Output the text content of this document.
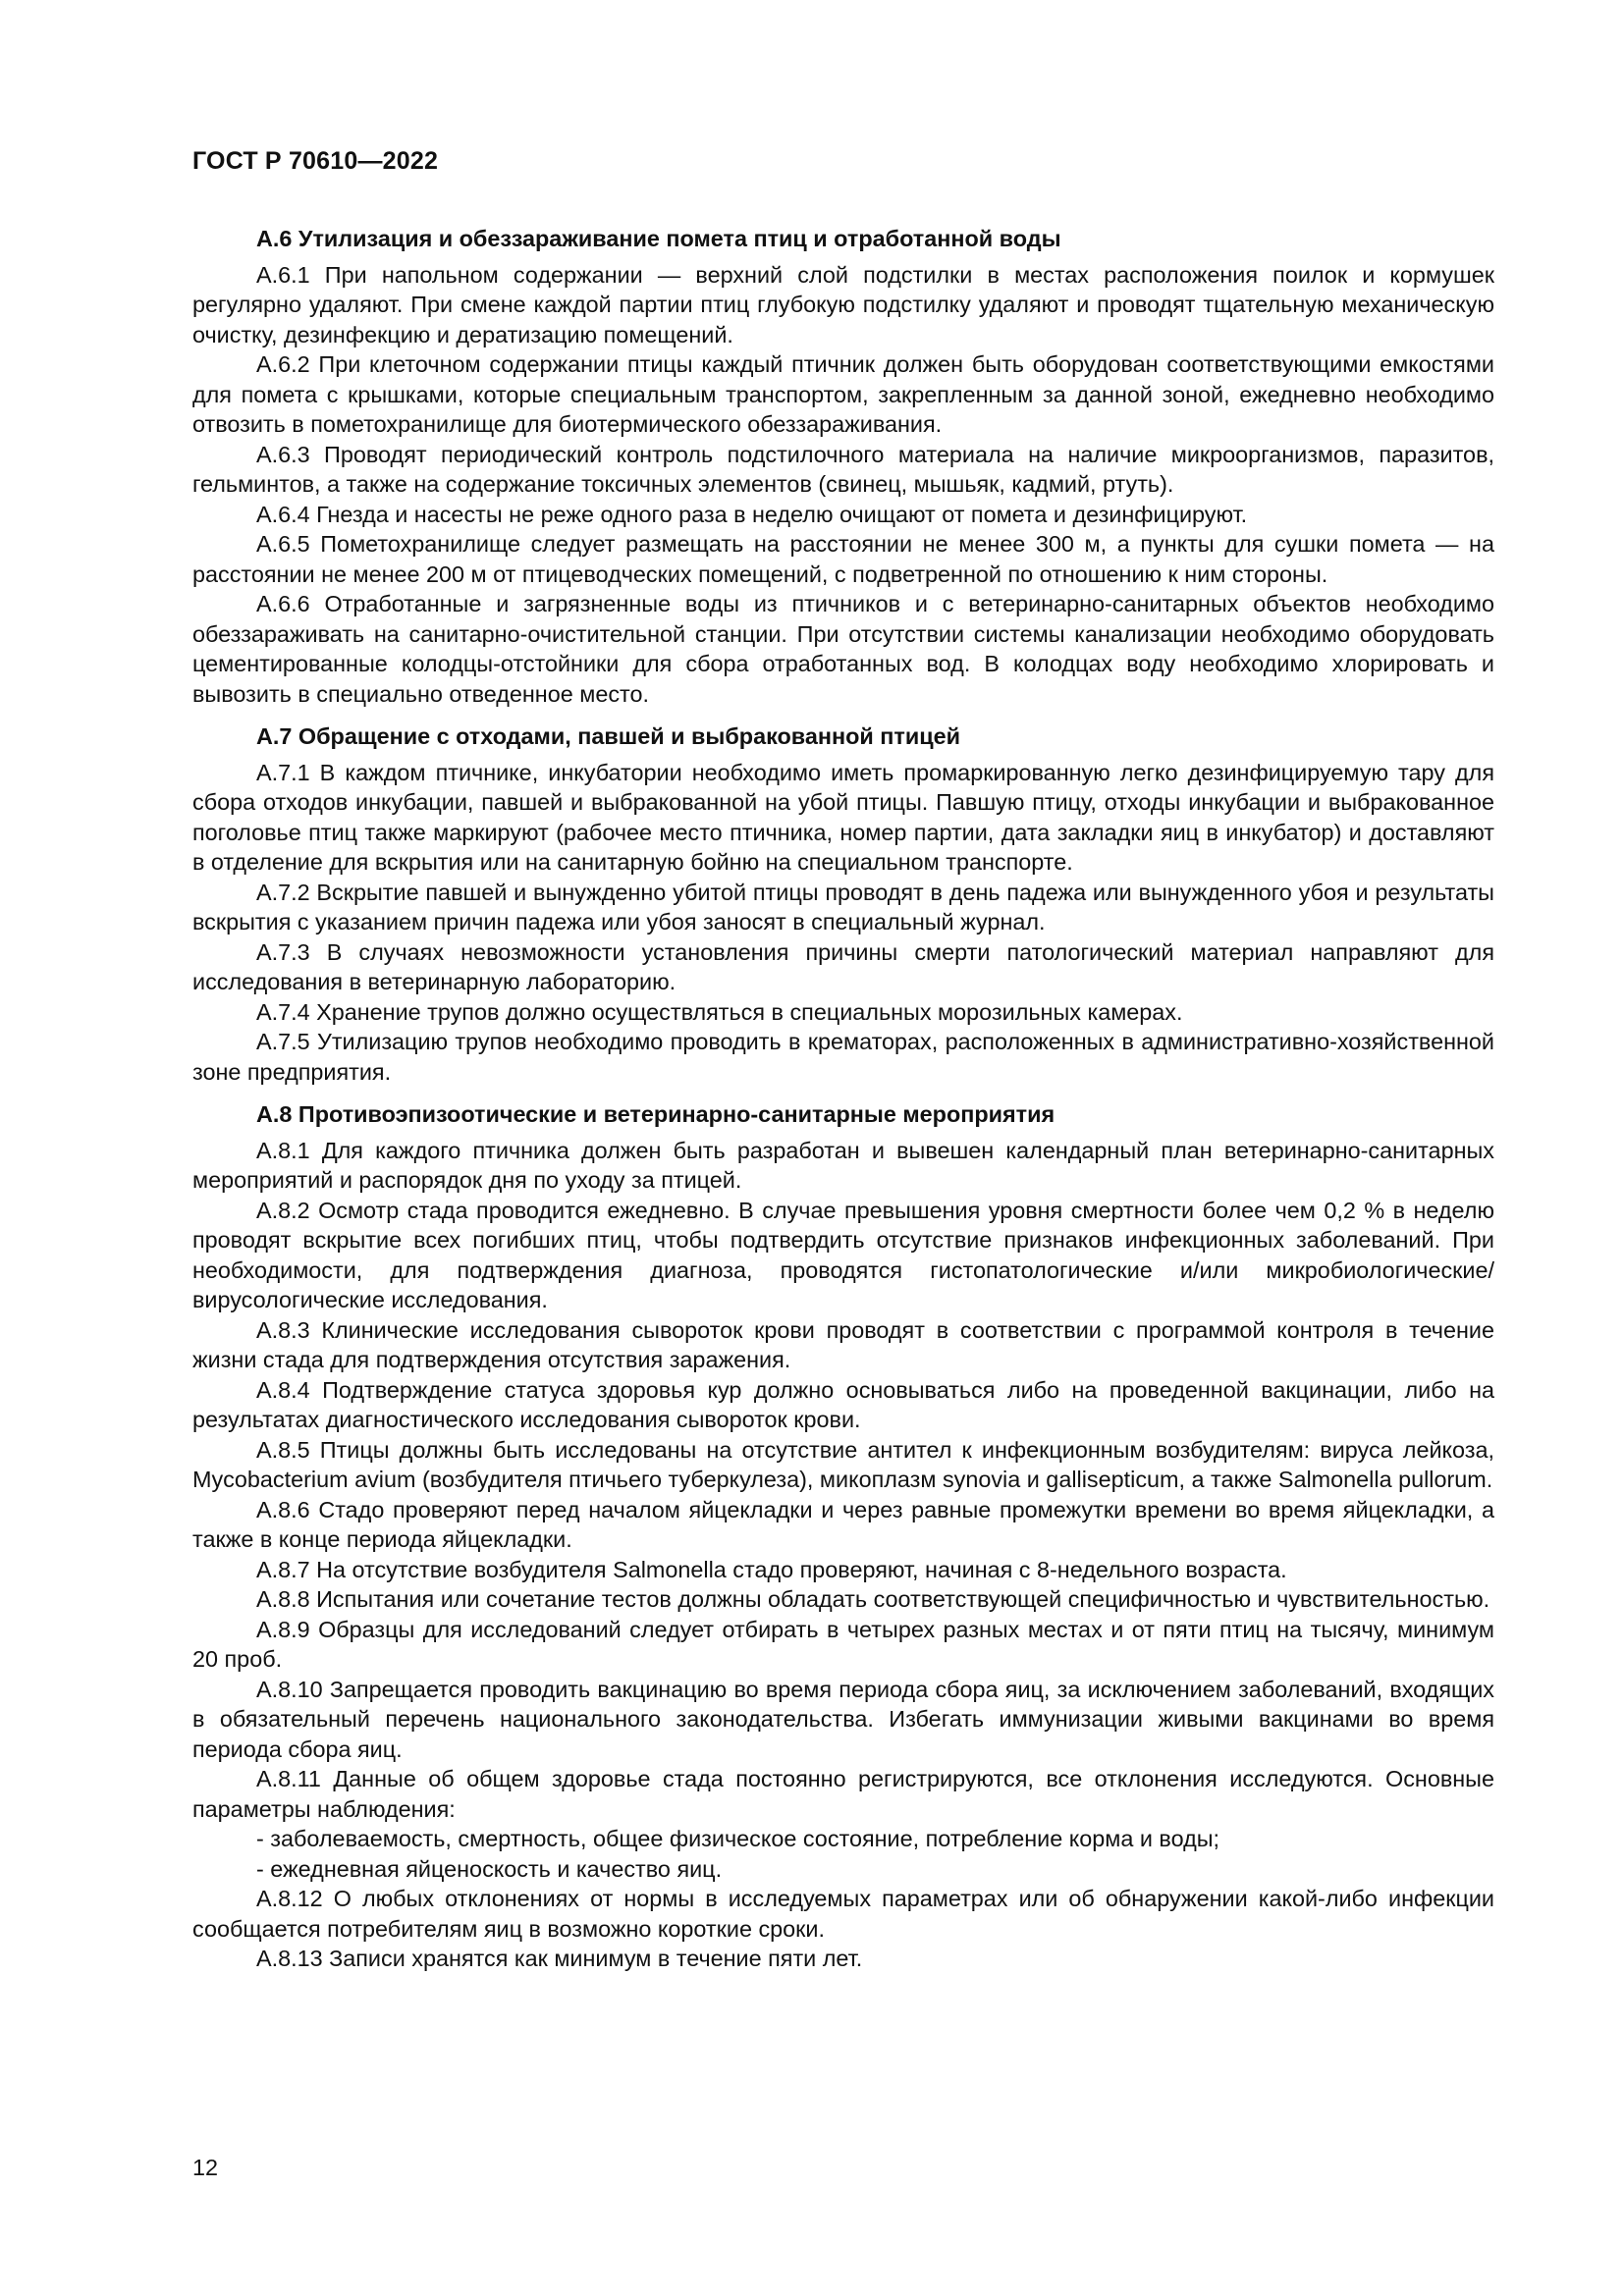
ГОСТ Р 70610—2022
А.6 Утилизация и обеззараживание помета птиц и отработанной воды

А.6.1 При напольном содержании — верхний слой подстилки в местах расположения поилок и кормушек регулярно удаляют. При смене каждой партии птиц глубокую подстилку удаляют и проводят тщательную механическую очистку, дезинфекцию и дератизацию помещений.

А.6.2 При клеточном содержании птицы каждый птичник должен быть оборудован соответствующими емкостями для помета с крышками, которые специальным транспортом, закрепленным за данной зоной, ежедневно необходимо отвозить в пометохранилище для биотермического обеззараживания.

А.6.3 Проводят периодический контроль подстилочного материала на наличие микроорганизмов, паразитов, гельминтов, а также на содержание токсичных элементов (свинец, мышьяк, кадмий, ртуть).

А.6.4 Гнезда и насесты не реже одного раза в неделю очищают от помета и дезинфицируют.

А.6.5 Пометохранилище следует размещать на расстоянии не менее 300 м, а пункты для сушки помета — на расстоянии не менее 200 м от птицеводческих помещений, с подветренной по отношению к ним стороны.

А.6.6 Отработанные и загрязненные воды из птичников и с ветеринарно-санитарных объектов необходимо обеззараживать на санитарно-очистительной станции. При отсутствии системы канализации необходимо оборудовать цементированные колодцы-отстойники для сбора отработанных вод. В колодцах воду необходимо хлорировать и вывозить в специально отведенное место.

А.7 Обращение с отходами, павшей и выбракованной птицей

А.7.1 В каждом птичнике, инкубатории необходимо иметь промаркированную легко дезинфицируемую тару для сбора отходов инкубации, павшей и выбракованной на убой птицы. Павшую птицу, отходы инкубации и выбракованное поголовье птиц также маркируют (рабочее место птичника, номер партии, дата закладки яиц в инкубатор) и доставляют в отделение для вскрытия или на санитарную бойню на специальном транспорте.

А.7.2 Вскрытие павшей и вынужденно убитой птицы проводят в день падежа или вынужденного убоя и результаты вскрытия с указанием причин падежа или убоя заносят в специальный журнал.

А.7.3 В случаях невозможности установления причины смерти патологический материал направляют для исследования в ветеринарную лабораторию.

А.7.4 Хранение трупов должно осуществляться в специальных морозильных камерах.

А.7.5 Утилизацию трупов необходимо проводить в крематорах, расположенных в административно-хозяйственной зоне предприятия.

А.8 Противоэпизоотические и ветеринарно-санитарные мероприятия

А.8.1 Для каждого птичника должен быть разработан и вывешен календарный план ветеринарно-санитарных мероприятий и распорядок дня по уходу за птицей.

А.8.2 Осмотр стада проводится ежедневно. В случае превышения уровня смертности более чем 0,2 % в неделю проводят вскрытие всех погибших птиц, чтобы подтвердить отсутствие признаков инфекционных заболеваний. При необходимости, для подтверждения диагноза, проводятся гистопатологические и/или микробиологические/вирусологические исследования.

А.8.3 Клинические исследования сывороток крови проводят в соответствии с программой контроля в течение жизни стада для подтверждения отсутствия заражения.

А.8.4 Подтверждение статуса здоровья кур должно основываться либо на проведенной вакцинации, либо на результатах диагностического исследования сывороток крови.

А.8.5 Птицы должны быть исследованы на отсутствие антител к инфекционным возбудителям: вируса лейкоза, Mycobacterium avium (возбудителя птичьего туберкулеза), микоплазм synovia и gallisepticum, а также Salmonella pullorum.

А.8.6 Стадо проверяют перед началом яйцекладки и через равные промежутки времени во время яйцекладки, а также в конце периода яйцекладки.

А.8.7 На отсутствие возбудителя Salmonella стадо проверяют, начиная с 8-недельного возраста.

А.8.8 Испытания или сочетание тестов должны обладать соответствующей специфичностью и чувствительностью.

А.8.9 Образцы для исследований следует отбирать в четырех разных местах и от пяти птиц на тысячу, минимум 20 проб.

А.8.10 Запрещается проводить вакцинацию во время периода сбора яиц, за исключением заболеваний, входящих в обязательный перечень национального законодательства. Избегать иммунизации живыми вакцинами во время периода сбора яиц.

А.8.11 Данные об общем здоровье стада постоянно регистрируются, все отклонения исследуются. Основные параметры наблюдения:

- заболеваемость, смертность, общее физическое состояние, потребление корма и воды;

- ежедневная яйценоскость и качество яиц.

А.8.12 О любых отклонениях от нормы в исследуемых параметрах или об обнаружении какой-либо инфекции сообщается потребителям яиц в возможно короткие сроки.

А.8.13 Записи хранятся как минимум в течение пяти лет.

12
